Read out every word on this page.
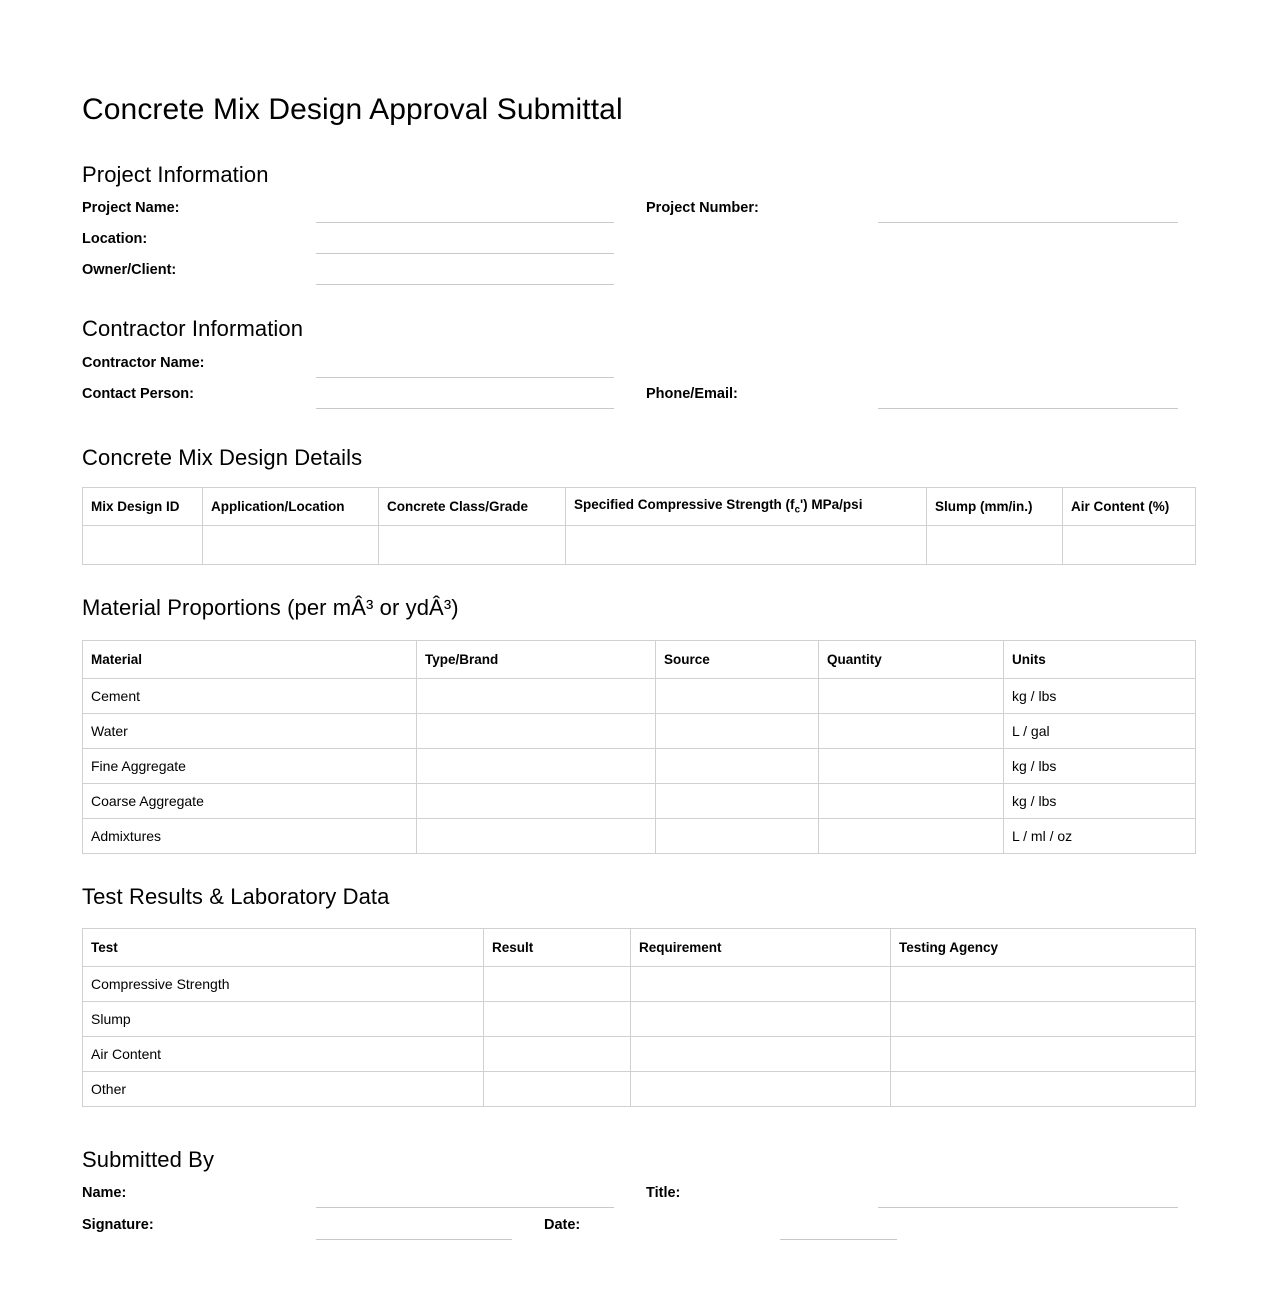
Concrete Mix Design Approval Submittal
Project Information
Project Name:	Project Number:
Location:
Owner/Client:
Contractor Information
Contractor Name:
Contact Person:	Phone/Email:
Concrete Mix Design Details
Mix Design ID	Application/Location	Concrete Class/Grade	Specified Compressive Strength $(f_c')$ MPa/psi	Slump (mm/in.)	Air Content (%)

Material Proportions (per mÂ³ or ydÂ³)
Material	Type/Brand	Source	Quantity	Units
Cement				kg / lbs
Water				L / gal
Fine Aggregate				kg / lbs
Coarse Aggregate				kg / lbs
Admixtures				L / ml / oz
Test Results & Laboratory Data
Test	Result	Requirement	Testing Agency
Compressive Strength			
Slump			
Air Content			
Other			
Submitted By
Name:	Title:
Signature:	Date:
